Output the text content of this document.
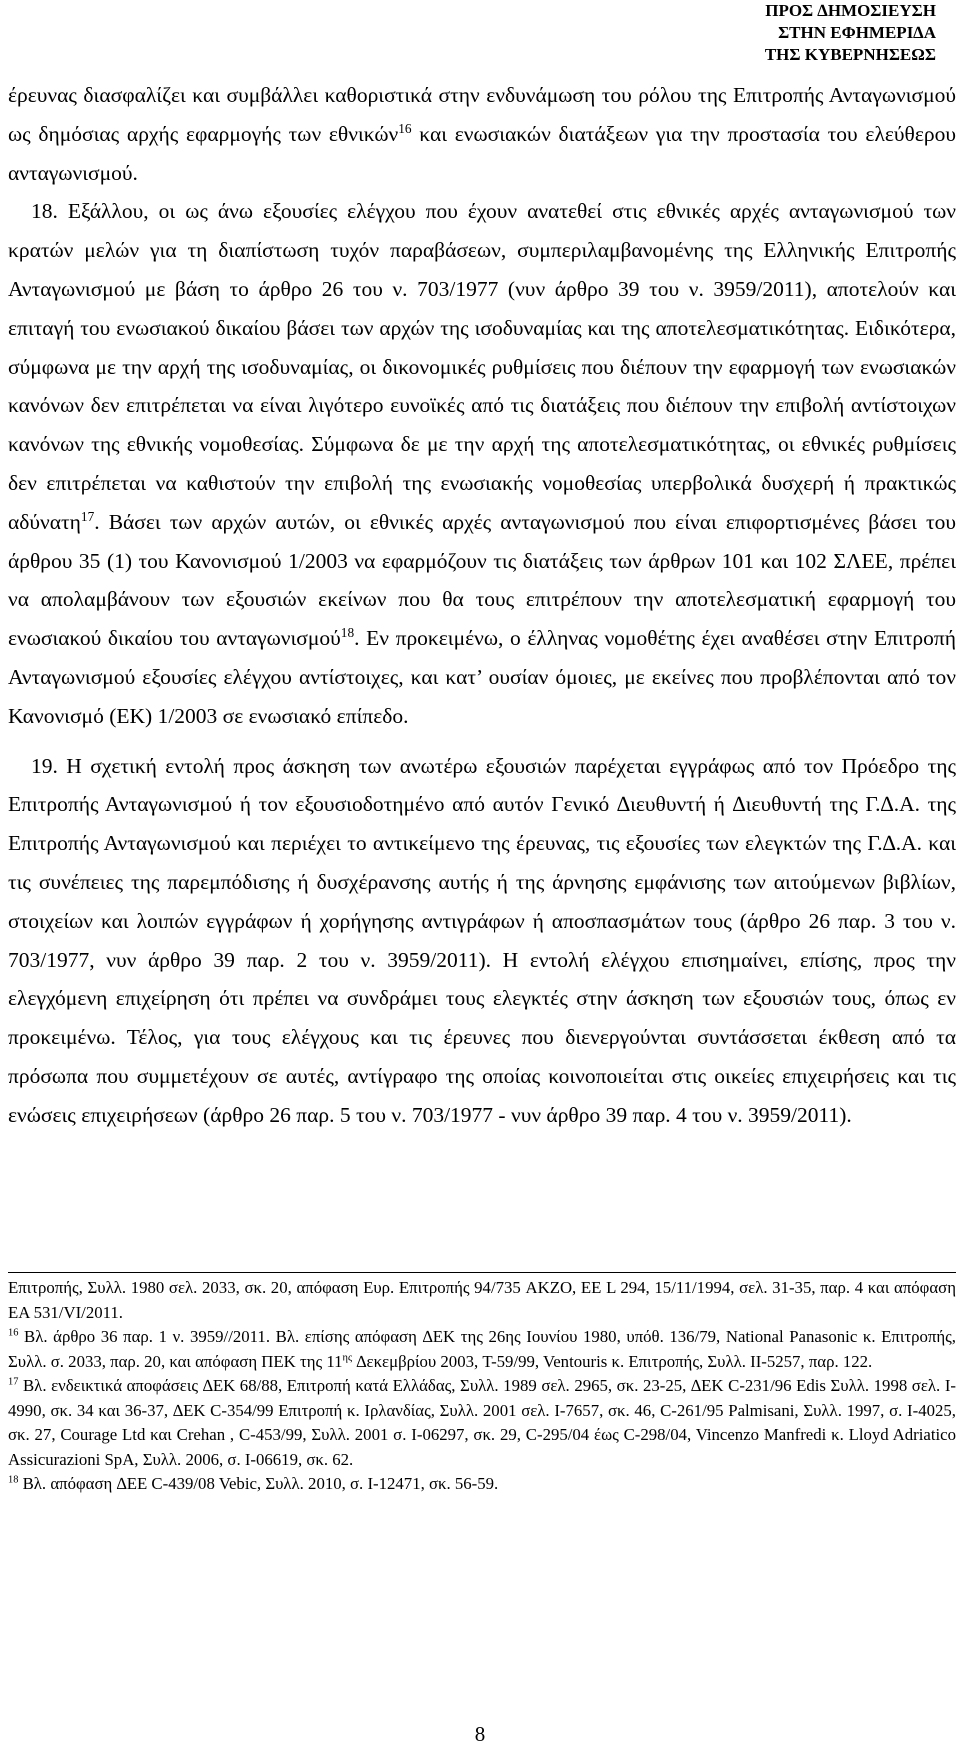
ΠΡΟΣ ∆ΗΜΟΣΙΕΥΣΗ
ΣΤΗΝ ΕΦΗΜΕΡΙ∆Α
ΤΗΣ ΚΥΒΕΡΝΗΣΕΩΣ

έρευνας διασφαλίζει και συμβάλλει καθοριστικά στην ενδυνάμωση του ρόλου της Επιτροπής Ανταγωνισμού ως δημόσιας αρχής εφαρμογής των εθνικών$^{16}$ και ενωσιακών διατάξεων για την προστασία του ελεύθερου ανταγωνισμού.

18. Εξάλλου, οι ως άνω εξουσίες ελέγχου που έχουν ανατεθεί στις εθνικές αρχές ανταγωνισμού των κρατών μελών για τη διαπίστωση τυχόν παραβάσεων, συμπεριλαμβανομένης της Ελληνικής Επιτροπής Ανταγωνισμού με βάση το άρθρο 26 του ν. 703/1977 (νυν άρθρο 39 του ν. 3959/2011), αποτελούν και επιταγή του ενωσιακού δικαίου βάσει των αρχών της ισοδυναμίας και της αποτελεσματικότητας. Ειδικότερα, σύμφωνα με την αρχή της ισοδυναμίας, οι δικονομικές ρυθμίσεις που διέπουν την εφαρμογή των ενωσιακών κανόνων δεν επιτρέπεται να είναι λιγότερο ευνοϊκές από τις διατάξεις που διέπουν την επιβολή αντίστοιχων κανόνων της εθνικής νομοθεσίας. Σύμφωνα δε με την αρχή της αποτελεσματικότητας, οι εθνικές ρυθμίσεις δεν επιτρέπεται να καθιστούν την επιβολή της ενωσιακής νομοθεσίας υπερβολικά δυσχερή ή πρακτικώς αδύνατη$^{17}$. Βάσει των αρχών αυτών, οι εθνικές αρχές ανταγωνισμού που είναι επιφορτισμένες βάσει του άρθρου 35 (1) του Κανονισμού 1/2003 να εφαρμόζουν τις διατάξεις των άρθρων 101 και 102 ΣΛΕΕ, πρέπει να απολαμβάνουν των εξουσιών εκείνων που θα τους επιτρέπουν την αποτελεσματική εφαρμογή του ενωσιακού δικαίου του ανταγωνισμού$^{18}$. Εν προκειμένω, ο έλληνας νομοθέτης έχει αναθέσει στην Επιτροπή Ανταγωνισμού εξουσίες ελέγχου αντίστοιχες, και κατ’ ουσίαν όμοιες, με εκείνες που προβλέπονται από τον Κανονισμό (ΕΚ) 1/2003 σε ενωσιακό επίπεδο.

19. Η σχετική εντολή προς άσκηση των ανωτέρω εξουσιών παρέχεται εγγράφως από τον Πρόεδρο της Επιτροπής Ανταγωνισμού ή τον εξουσιοδοτημένο από αυτόν Γενικό ∆ιευθυντή ή ∆ιευθυντή της Γ.∆.Α. της Επιτροπής Ανταγωνισμού και περιέχει το αντικείμενο της έρευνας, τις εξουσίες των ελεγκτών της Γ.∆.Α. και τις συνέπειες της παρεμπόδισης ή δυσχέρανσης αυτής ή της άρνησης εμφάνισης των αιτούμενων βιβλίων, στοιχείων και λοιπών εγγράφων ή χορήγησης αντιγράφων ή αποσπασμάτων τους (άρθρο 26 παρ. 3 του ν. 703/1977, νυν άρθρο 39 παρ. 2 του ν. 3959/2011). Η εντολή ελέγχου επισημαίνει, επίσης, προς την ελεγχόμενη επιχείρηση ότι πρέπει να συνδράμει τους ελεγκτές στην άσκηση των εξουσιών τους, όπως εν προκειμένω. Τέλος, για τους ελέγχους και τις έρευνες που διενεργούνται συντάσσεται έκθεση από τα πρόσωπα που συμμετέχουν σε αυτές, αντίγραφο της οποίας κοινοποιείται στις οικείες επιχειρήσεις και τις ενώσεις επιχειρήσεων (άρθρο 26 παρ. 5 του ν. 703/1977 - νυν άρθρο 39 παρ. 4 του ν. 3959/2011).

Επιτροπής, Συλλ. 1980 σελ. 2033, σκ. 20, απόφαση Ευρ. Επιτροπής 94/735 AKZO, ΕΕ L 294, 15/11/1994, σελ. 31-35, παρ. 4 και απόφαση ΕΑ 531/VI/2011.

$^{16}$ Βλ. άρθρο 36 παρ. 1 ν. 3959//2011. Βλ. επίσης απόφαση ∆ΕΚ της 26ης Ιουνίου 1980, υπόθ. 136/79, National Panasonic κ. Επιτροπής, Συλλ. σ. 2033, παρ. 20, και απόφαση ΠΕΚ της $11^{\eta\varsigma}$ ∆εκεμβρίου 2003, T-59/99, Ventouris κ. Επιτροπής, Συλλ. II-5257, παρ. 122.

$^{17}$ Βλ. ενδεικτικά αποφάσεις ∆ΕΚ 68/88, Επιτροπή κατά Ελλάδας, Συλλ. 1989 σελ. 2965, σκ. 23-25, ∆ΕΚ C-231/96 Edis Συλλ. 1998 σελ. I-4990, σκ. 34 και 36-37, ∆ΕΚ C-354/99 Επιτροπή κ. Ιρλανδίας, Συλλ. 2001 σελ. I-7657, σκ. 46, C-261/95 Palmisani, Συλλ. 1997, σ. I-4025, σκ. 27, Courage Ltd και Crehan , C-453/99, Συλλ. 2001 σ. I-06297, σκ. 29, C-295/04 έως C-298/04, Vincenzo Manfredi κ. Lloyd Adriatico Assicurazioni SpA, Συλλ. 2006, σ. I-06619, σκ. 62.

$^{18}$ Βλ. απόφαση ∆ΕΕ C-439/08 Vebic, Συλλ. 2010, σ. I-12471, σκ. 56-59.

8
